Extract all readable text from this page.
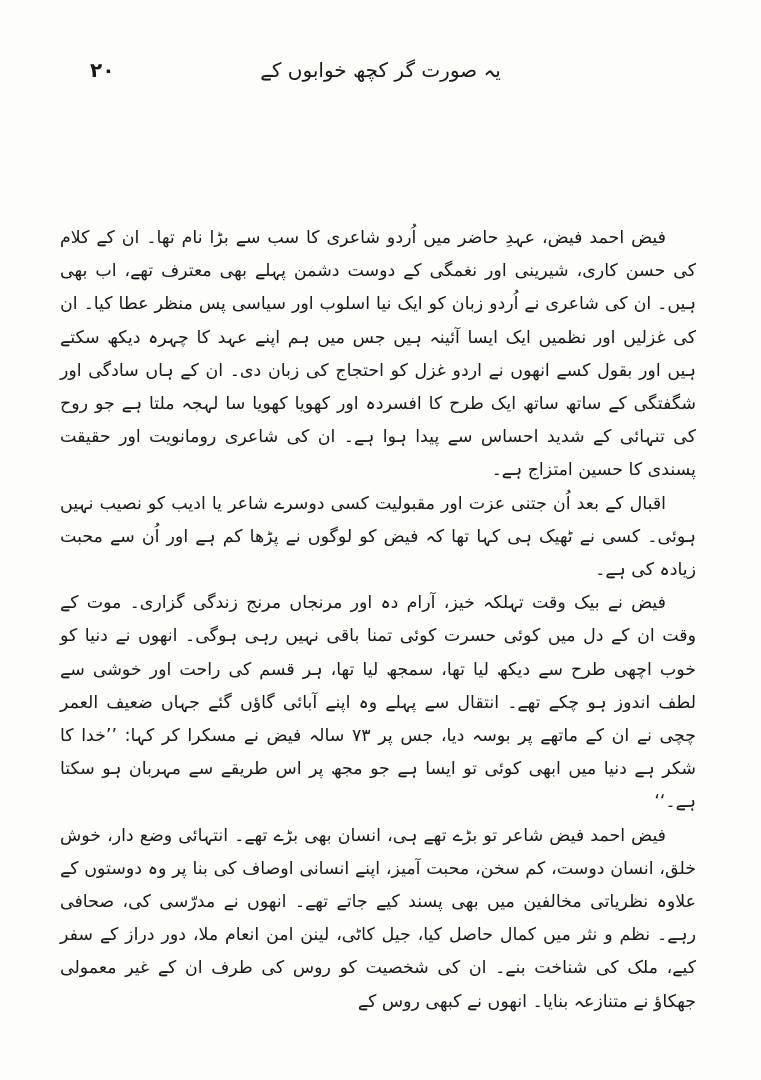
۲۰	یہ صورت گر کچھ خوابوں کے

فیض احمد فیض، عہدِ حاضر میں اُردو شاعری کا سب سے بڑا نام تھا۔ ان کے کلام کی حسن کاری، شیرینی اور نغمگی کے دوست دشمن پہلے بھی معترف تھے، اب بھی ہیں۔ ان کی شاعری نے اُردو زبان کو ایک نیا اسلوب اور سیاسی پس منظر عطا کیا۔ ان کی غزلیں اور نظمیں ایک ایسا آئینہ ہیں جس میں ہم اپنے عہد کا چہرہ دیکھ سکتے ہیں اور بقول کسے انھوں نے اردو غزل کو احتجاج کی زبان دی۔ ان کے ہاں سادگی اور شگفتگی کے ساتھ ساتھ ایک طرح کا افسردہ اور کھویا کھویا سا لہجہ ملتا ہے جو روح کی تنہائی کے شدید احساس سے پیدا ہوا ہے۔ ان کی شاعری رومانویت اور حقیقت پسندی کا حسین امتزاج ہے۔

اقبال کے بعد اُن جتنی عزت اور مقبولیت کسی دوسرے شاعر یا ادیب کو نصیب نہیں ہوئی۔ کسی نے ٹھیک ہی کہا تھا کہ فیض کو لوگوں نے پڑھا کم ہے اور اُن سے محبت زیادہ کی ہے۔

فیض نے بیک وقت تہلکہ خیز، آرام دہ اور مرنجاں مرنج زندگی گزاری۔ موت کے وقت ان کے دل میں کوئی حسرت کوئی تمنا باقی نہیں رہی ہوگی۔ انھوں نے دنیا کو خوب اچھی طرح سے دیکھ لیا تھا، سمجھ لیا تھا، ہر قسم کی راحت اور خوشی سے لطف اندوز ہو چکے تھے۔ انتقال سے پہلے وہ اپنے آبائی گاؤں گئے جہاں ضعیف العمر چچی نے ان کے ماتھے پر بوسہ دیا، جس پر ۷۳ سالہ فیض نے مسکرا کر کہا: ’’خدا کا شکر ہے دنیا میں ابھی کوئی تو ایسا ہے جو مجھ پر اس طریقے سے مہربان ہو سکتا ہے۔‘‘

فیض احمد فیض شاعر تو بڑے تھے ہی، انسان بھی بڑے تھے۔ انتہائی وضع دار، خوش خلق، انسان دوست، کم سخن، محبت آمیز، اپنے انسانی اوصاف کی بنا پر وہ دوستوں کے علاوہ نظریاتی مخالفین میں بھی پسند کیے جاتے تھے۔ انھوں نے مدرّسی کی، صحافی رہے۔ نظم و نثر میں کمال حاصل کیا، جیل کاٹی، لینن امن انعام ملا، دور دراز کے سفر کیے، ملک کی شناخت بنے۔ ان کی شخصیت کو روس کی طرف ان کے غیر معمولی جھکاؤ نے متنازعہ بنایا۔ انھوں نے کبھی روس کے
